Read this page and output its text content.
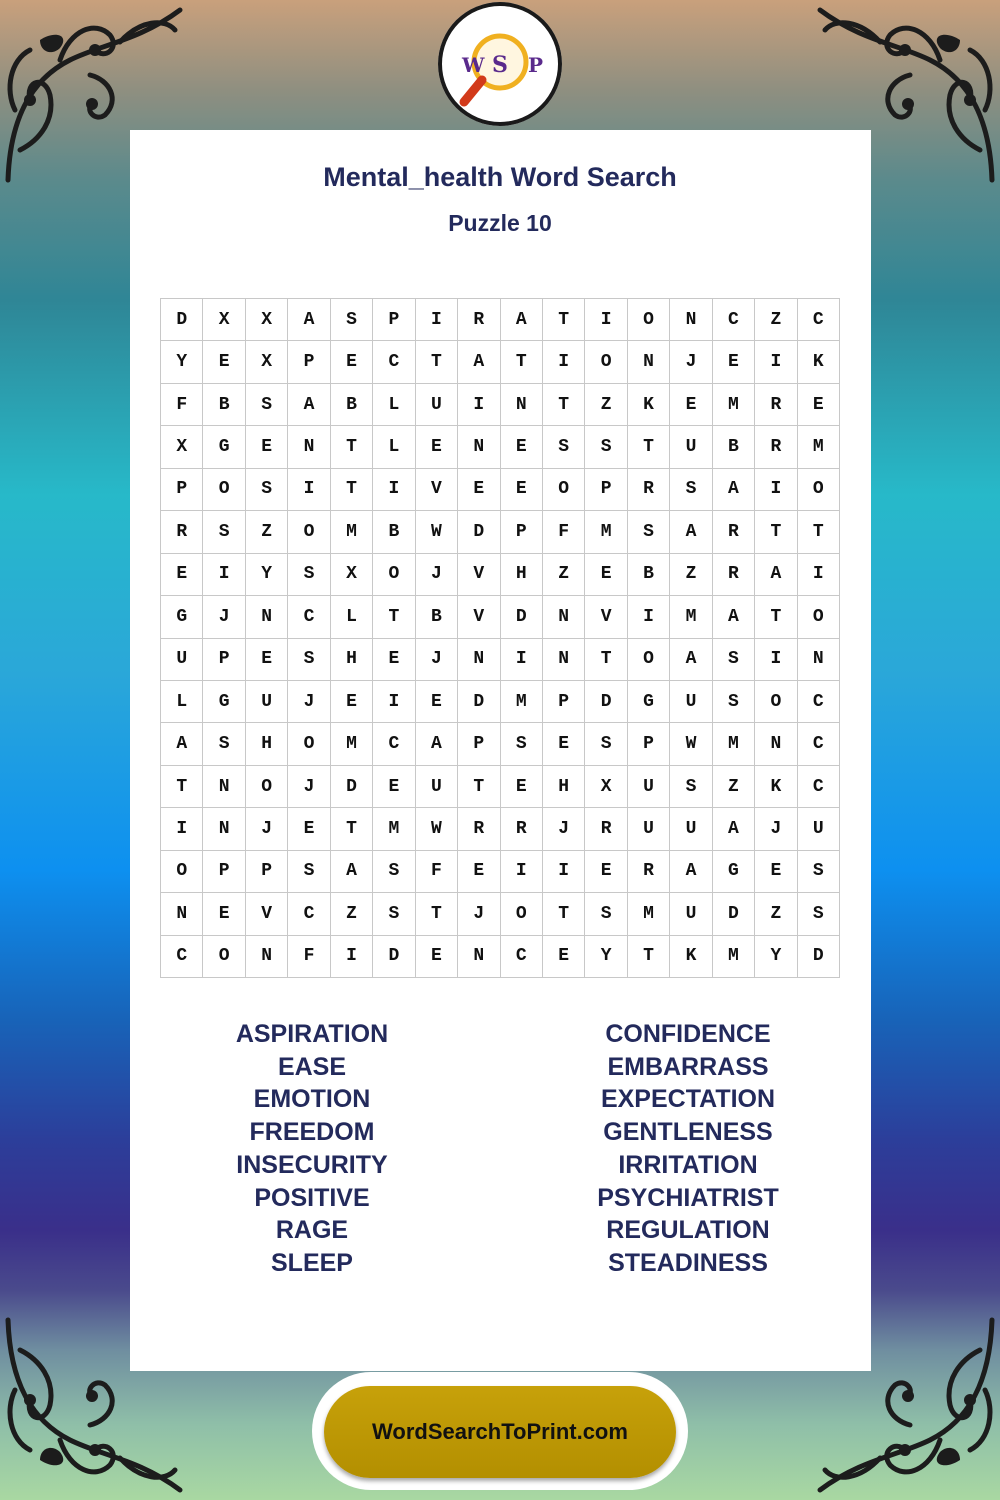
W S P
Mental_health Word Search
Puzzle 10
D	X	X	A	S	P	I	R	A	T	I	O	N	C	Z	C
Y	E	X	P	E	C	T	A	T	I	O	N	J	E	I	K
F	B	S	A	B	L	U	I	N	T	Z	K	E	M	R	E
X	G	E	N	T	L	E	N	E	S	S	T	U	B	R	M
P	O	S	I	T	I	V	E	E	O	P	R	S	A	I	O
R	S	Z	O	M	B	W	D	P	F	M	S	A	R	T	T
E	I	Y	S	X	O	J	V	H	Z	E	B	Z	R	A	I
G	J	N	C	L	T	B	V	D	N	V	I	M	A	T	O
U	P	E	S	H	E	J	N	I	N	T	O	A	S	I	N
L	G	U	J	E	I	E	D	M	P	D	G	U	S	O	C
A	S	H	O	M	C	A	P	S	E	S	P	W	M	N	C
T	N	O	J	D	E	U	T	E	H	X	U	S	Z	K	C
I	N	J	E	T	M	W	R	R	J	R	U	U	A	J	U
O	P	P	S	A	S	F	E	I	I	E	R	A	G	E	S
N	E	V	C	Z	S	T	J	O	T	S	M	U	D	Z	S
C	O	N	F	I	D	E	N	C	E	Y	T	K	M	Y	D
ASPIRATION
EASE
EMOTION
FREEDOM
INSECURITY
POSITIVE
RAGE
SLEEP
CONFIDENCE
EMBARRASS
EXPECTATION
GENTLENESS
IRRITATION
PSYCHIATRIST
REGULATION
STEADINESS
WordSearchToPrint.com
